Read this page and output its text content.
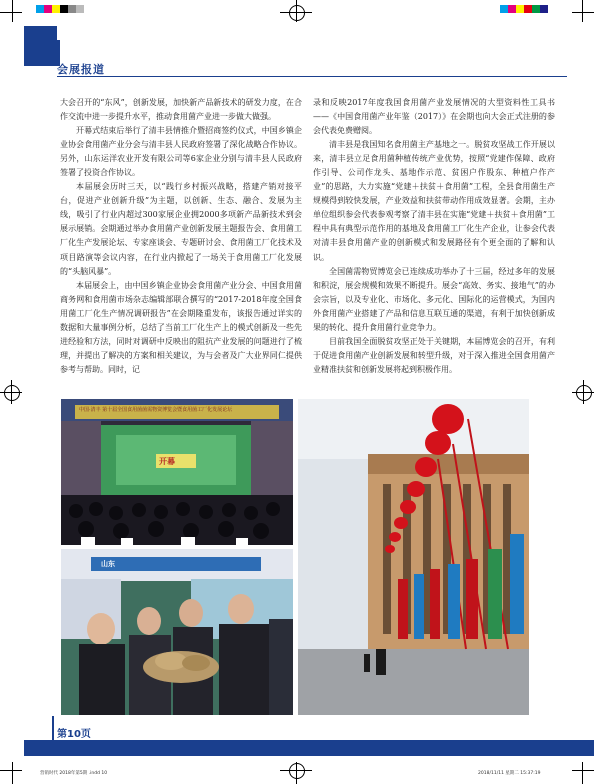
会展报道

大会召开的“东风”，创新发展，加快新产品新技术的研发力度，在合作交流中进一步提升水平，推动食用菌产业进一步做大做强。

开幕式结束后举行了清丰县情推介暨招商签约仪式，中国乡镇企业协会食用菌产业分会与清丰县人民政府签署了深化战略合作协议。另外，山东运洋农业开发有限公司等6家企业分别与清丰县人民政府签署了投资合作协议。

本届展会历时三天，以“践行乡村振兴战略，搭建产销对接平台，促进产业创新升级”为主题，以创新、生态、融合、发展为主线，吸引了行业内超过300家展企业拥2000多项新产品新技术到会展示展销。会期通过举办食用菌产业创新发展主题报告会、食用菌工厂化生产发展论坛、专家座谈会、专题研讨会、食用菌工厂化技术及项目路演等会议内容，在行业内掀起了一场关于食用菌工厂化发展的“头脑风暴”。

本届展会上，由中国乡镇企业协会食用菌产业分会、中国食用菌商务网和食用菌市场杂志编辑部联合撰写的“2017-2018年度全国食用菌工厂化生产情况调研报告”在会期隆重发布，该报告通过详实的数据和大量事例分析，总结了当前工厂化生产上的模式创新及一些先进经验和方法，同时对调研中反映出的阻抗产业发展的问题进行了梳理，并提出了解决的方案和相关建议，为与会者及广大业界同仁提供参考与帮助。同时，记

录和反映2017年度我国食用菌产业发展情况的大型资料性工具书——《中国食用菌产业年鉴（2017）》在会期也向大会正式注册的参会代表免费赠阅。

清丰县是我国知名食用菌主产基地之一。脱贫攻坚战工作开展以来，清丰县立足食用菌种植传统产业优势，按照“党建作保障、政府作引导、公司作龙头、基地作示范、贫困户作股东、种植户作产业”的思路，大力实施“党建＋扶贫＋食用菌”工程，全县食用菌生产规模得到较快发展，产业效益和扶贫带动作用成效显著。会期，主办单位组织参会代表参观考察了清丰县在实施“党建＋扶贫＋食用菌”工程中具有典型示范作用的基地及食用菌工厂化生产企业，让参会代表对清丰县食用菌产业的创新模式和发展路径有个更全面的了解和认识。

全国菌需物贸博览会已连续成功举办了十三届，经过多年的发展和积淀，展会规模和效果不断提升。展会“高效、务实、接地气”的办会宗旨，以及专业化、市场化、多元化、国际化的运营模式，为国内外食用菌产业搭建了产品和信息互联互通的渠道，有利于加快创新成果的转化、提升食用菌行业竞争力。

目前我国全面脱贫攻坚正处于关键期，本届博览会的召开，有利于促进食用菌产业创新发展和转型升级，对于深入推进全国食用菌产业精准扶贫和创新发展将起到积极作用。

中国·清丰 第十届全国食用菌菌需物资博览会暨食用菌工厂化发展论坛
开幕
山东
第10页
营销时代 2018年第5期 .indd 10	2018/11/11 星期二 15:37:19
